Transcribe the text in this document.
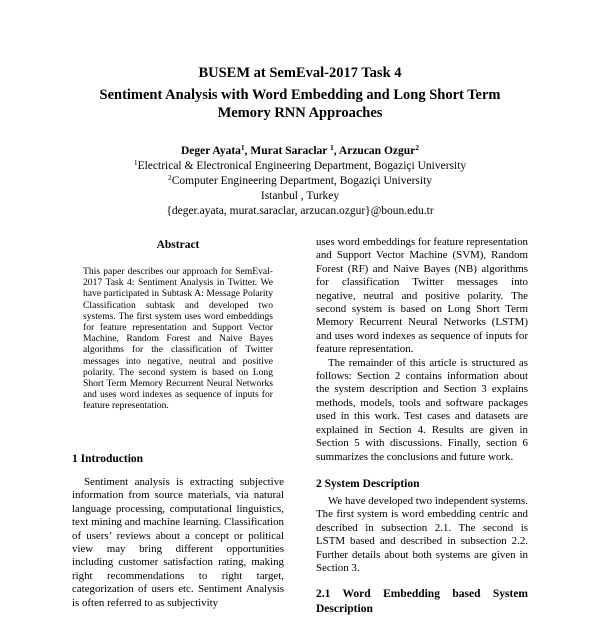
BUSEM at SemEval-2017 Task 4
Sentiment Analysis with Word Embedding and Long Short Term
Memory RNN Approaches
Deger Ayata$^1$, Murat Saraclar $^1$, Arzucan Ozgur$^2$
$^1$Electrical & Electronical Engineering Department, Bogaziçi University
$^2$Computer Engineering Department, Bogaziçi University
Istanbul , Turkey
{deger.ayata, murat.saraclar, arzucan.ozgur}@boun.edu.tr
Abstract
This paper describes our approach for SemEval-2017 Task 4: Sentiment Analysis in Twitter. We have participated in Subtask A: Message Polarity Classification subtask and developed two systems. The first system uses word embeddings for feature representation and Support Vector Machine, Random Forest and Naive Bayes algorithms for the classification of Twitter messages into negative, neutral and positive polarity. The second system is based on Long Short Term Memory Recurrent Neural Networks and uses word indexes as sequence of inputs for feature representation.
1 Introduction
Sentiment analysis is extracting subjective information from source materials, via natural language processing, computational linguistics, text mining and machine learning. Classification of users’ reviews about a concept or political view may bring different opportunities including customer satisfaction rating, making right recommendations to right target, categorization of users etc. Sentiment Analysis is often referred to as subjectivity

uses word embeddings for feature representation and Support Vector Machine (SVM), Random Forest (RF) and Naive Bayes (NB) algorithms for classification Twitter messages into negative, neutral and positive polarity. The second system is based on Long Short Term Memory Recurrent Neural Networks (LSTM) and uses word indexes as sequence of inputs for feature representation.

The remainder of this article is structured as follows: Section 2 contains information about the system description and Section 3 explains methods, models, tools and software packages used in this work. Test cases and datasets are explained in Section 4. Results are given in Section 5 with discussions. Finally, section 6 summarizes the conclusions and future work.

2 System Description

We have developed two independent systems. The first system is word embedding centric and described in subsection 2.1. The second is LSTM based and described in subsection 2.2. Further details about both systems are given in Section 3.

2.1 Word Embedding based System Description
